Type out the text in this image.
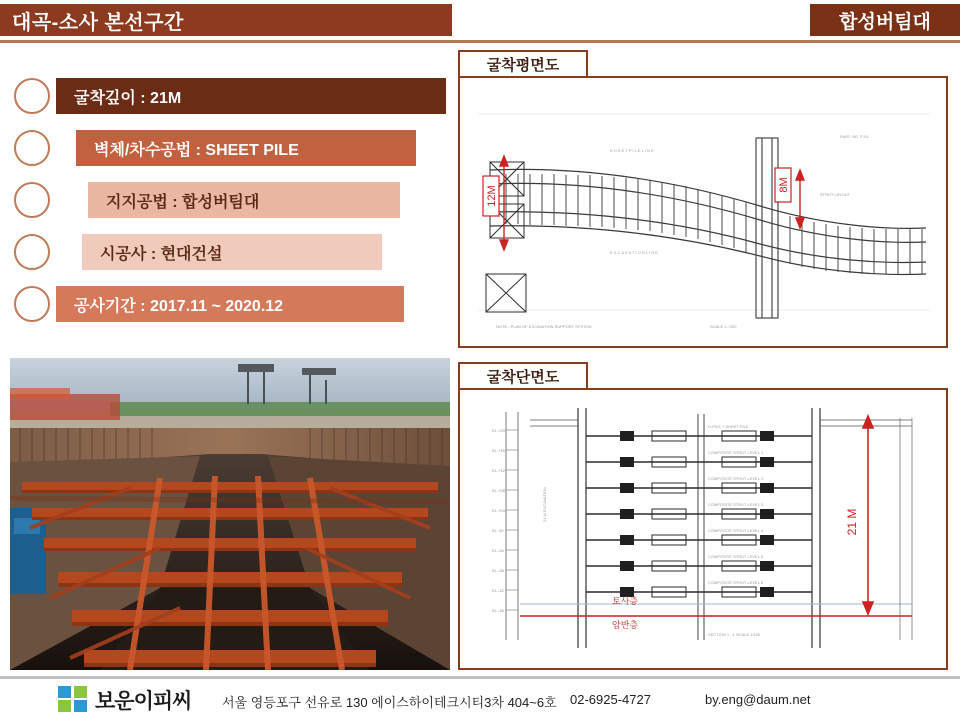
대곡-소사 본선구간	합성버팀대
굴착깊이 : 21M
벽체/차수공법 : SHEET PILE
지지공법 : 합성버팀대
시공사 : 현대건설
공사기간 : 2017.11 ~ 2020.12
굴착평면도
12M
8M
S H E E T P I L E L I N E
E X C A V A T I O N L I N E
STRUT LAYOUT
NOTE : PLAN OF EXCAVATION SUPPORT SYSTEM	SCALE 1 / 200
DWG. NO. P-01
굴착단면도
EL.+20
EL.+16
EL.+12
EL.+08
EL.+04
EL. 00
EL.-04
EL.-08
EL.-12
EL.-16
토사층
암반층
21 M
H-PILE + SHEET PILE
COMPOSITE STRUT LEVEL 1
COMPOSITE STRUT LEVEL 2
COMPOSITE STRUT LEVEL 3
COMPOSITE STRUT LEVEL 4
COMPOSITE STRUT LEVEL 5
COMPOSITE STRUT LEVEL 6
SECTION 1 - 1 SCALE 1/100
21 M EXCAVATION
보운이피씨 서울 영등포구 선유로 130 에이스하이테크시티3차 404~6호 02-6925-4727	by.eng@daum.net
